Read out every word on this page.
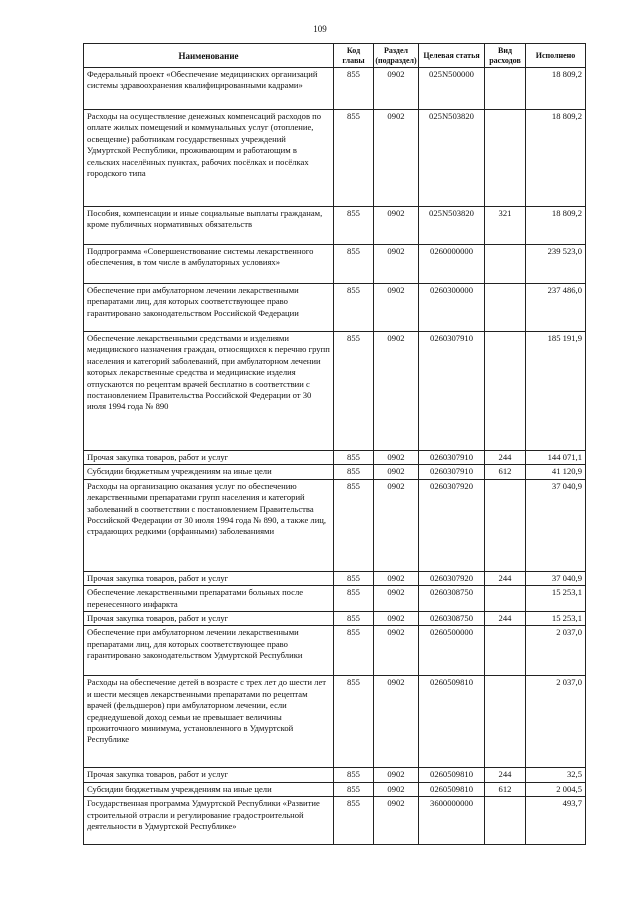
109
Наименование	Код главы	Раздел (подраздел)	Целевая статья	Вид расходов	Исполнено
Федеральный проект «Обеспечение медицинских организаций системы здравоохранения квалифицированными кадрами»	855	0902	025N500000		18 809,2
Расходы на осуществление денежных компенсаций расходов по оплате жилых помещений и коммунальных услуг (отопление, освещение) работникам государственных учреждений Удмуртской Республики, проживающим и работающим в сельских населённых пунктах, рабочих посёлках и посёлках городского типа	855	0902	025N503820		18 809,2
Пособия, компенсации и иные социальные выплаты гражданам, кроме публичных нормативных обязательств	855	0902	025N503820	321	18 809,2
Подпрограмма «Совершенствование системы лекарственного обеспечения, в том числе в амбулаторных условиях»	855	0902	0260000000		239 523,0
Обеспечение при амбулаторном лечении лекарственными препаратами лиц, для которых соответствующее право гарантировано законодательством Российской Федерации	855	0902	0260300000		237 486,0
Обеспечение лекарственными средствами и изделиями медицинского назначения граждан, относящихся к перечню групп населения и категорий заболеваний, при амбулаторном лечении которых лекарственные средства и медицинские изделия отпускаются по рецептам врачей бесплатно в соответствии с постановлением Правительства Российской Федерации от 30 июля 1994 года № 890	855	0902	0260307910		185 191,9
Прочая закупка товаров, работ и услуг	855	0902	0260307910	244	144 071,1
Субсидии бюджетным учреждениям на иные цели	855	0902	0260307910	612	41 120,9
Расходы на организацию оказания услуг по обеспечению лекарственными препаратами групп населения и категорий заболеваний в соответствии с постановлением Правительства Российской Федерации от 30 июля 1994 года № 890, а также лиц, страдающих редкими (орфанными) заболеваниями	855	0902	0260307920		37 040,9
Прочая закупка товаров, работ и услуг	855	0902	0260307920	244	37 040,9
Обеспечение лекарственными препаратами больных после перенесенного инфаркта	855	0902	0260308750		15 253,1
Прочая закупка товаров, работ и услуг	855	0902	0260308750	244	15 253,1
Обеспечение при амбулаторном лечении лекарственными препаратами лиц, для которых соответствующее право гарантировано законодательством Удмуртской Республики	855	0902	0260500000		2 037,0
Расходы на обеспечение детей в возрасте с трех лет до шести лет и шести месяцев лекарственными препаратами по рецептам врачей (фельдшеров) при амбулаторном лечении, если среднедушевой доход семьи не превышает величины прожиточного минимума, установленного в Удмуртской Республике	855	0902	0260509810		2 037,0
Прочая закупка товаров, работ и услуг	855	0902	0260509810	244	32,5
Субсидии бюджетным учреждениям на иные цели	855	0902	0260509810	612	2 004,5
Государственная программа Удмуртской Республики «Развитие строительной отрасли и регулирование градостроительной деятельности в Удмуртской Республике»	855	0902	3600000000		493,7
